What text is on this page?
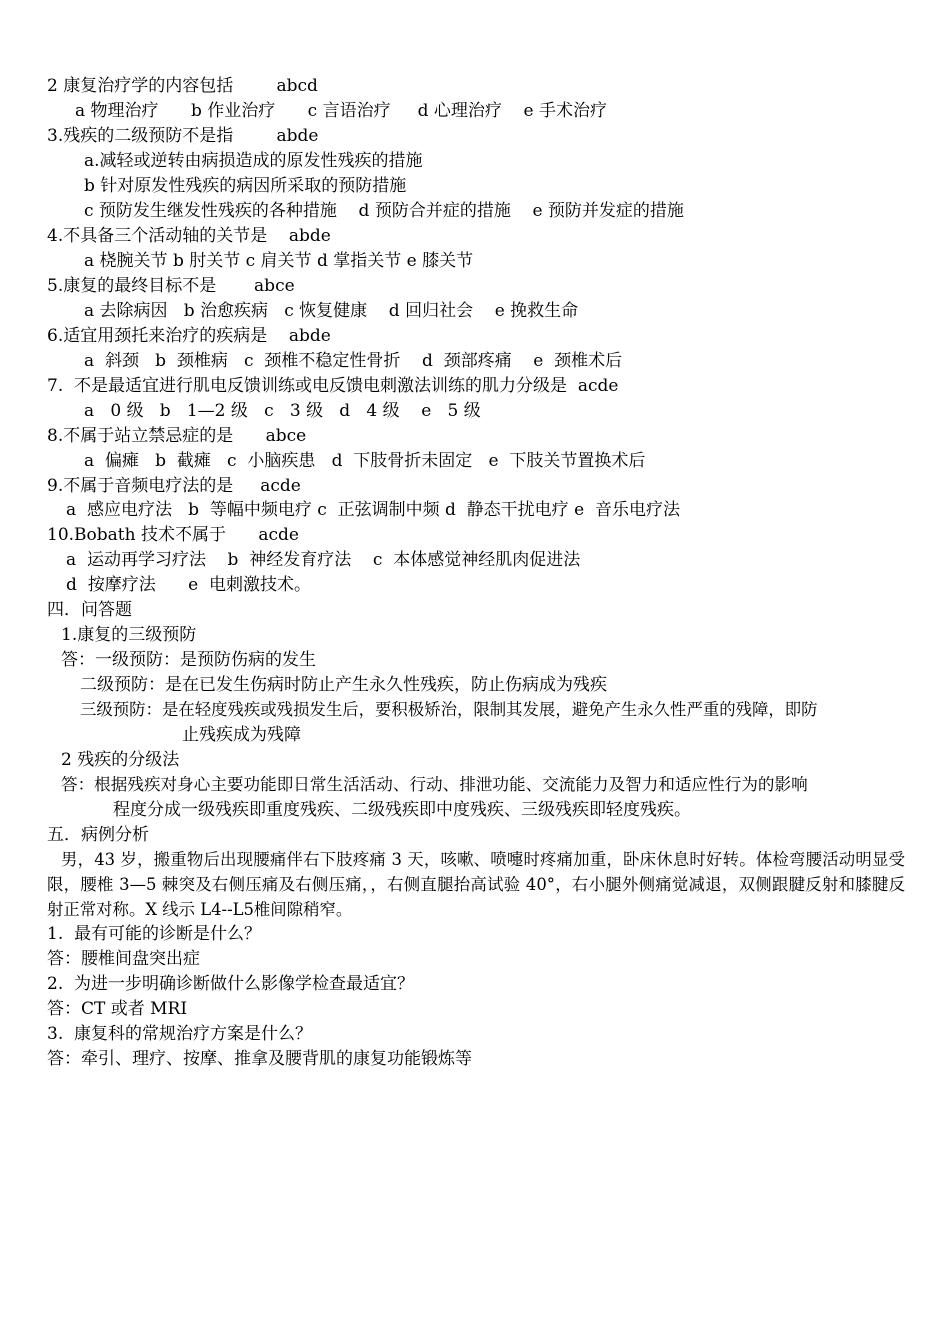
2 康复治疗学的内容包括        abcd
a 物理治疗      b 作业治疗      c 言语治疗     d 心理治疗    e 手术治疗
3.残疾的二级预防不是指        abde
a.减轻或逆转由病损造成的原发性残疾的措施
b 针对原发性残疾的病因所采取的预防措施
c 预防发生继发性残疾的各种措施    d 预防合并症的措施    e 预防并发症的措施
4.不具备三个活动轴的关节是    abde
a 桡腕关节 b 肘关节 c 肩关节 d 掌指关节 e 膝关节
5.康复的最终目标不是       abce
a 去除病因   b 治愈疾病   c 恢复健康    d 回归社会    e 挽救生命
6.适宜用颈托来治疗的疾病是    abde
a  斜颈   b  颈椎病   c  颈椎不稳定性骨折    d  颈部疼痛    e  颈椎术后
7.  不是最适宜进行肌电反馈训练或电反馈电刺激法训练的肌力分级是  acde
a   0 级   b   1—2 级   c   3 级   d   4 级    e   5 级
8.不属于站立禁忌症的是      abce
a  偏瘫   b  截瘫   c  小脑疾患   d  下肢骨折未固定   e  下肢关节置换术后
9.不属于音频电疗法的是     acde
a  感应电疗法   b  等幅中频电疗 c  正弦调制中频 d  静态干扰电疗 e  音乐电疗法
10.Bobath 技术不属于      acde
a  运动再学习疗法    b  神经发育疗法    c  本体感觉神经肌肉促进法
d  按摩疗法      e  电刺激技术。
四．问答题
1.康复的三级预防
答：一级预防：是预防伤病的发生
二级预防：是在已发生伤病时防止产生永久性残疾，防止伤病成为残疾
三级预防：是在轻度残疾或残损发生后，要积极矫治，限制其发展，避免产生永久性严重的残障，即防
止残疾成为残障
2 残疾的分级法
答：根据残疾对身心主要功能即日常生活活动、行动、排泄功能、交流能力及智力和适应性行为的影响
程度分成一级残疾即重度残疾、二级残疾即中度残疾、三级残疾即轻度残疾。
五．病例分析
男，43 岁，搬重物后出现腰痛伴右下肢疼痛 3 天，咳嗽、喷嚏时疼痛加重，卧床休息时好转。体检弯腰活动明显受限，腰椎 3—5 棘突及右侧压痛及右侧压痛，，右侧直腿抬高试验 40°，右小腿外侧痛觉减退，双侧跟腱反射和膝腱反射正常对称。X 线示 L4--L5椎间隙稍窄。
1.  最有可能的诊断是什么？
答：腰椎间盘突出症
2.  为进一步明确诊断做什么影像学检查最适宜？
答：CT 或者 MRI
3.  康复科的常规治疗方案是什么？
答：牵引、理疗、按摩、推拿及腰背肌的康复功能锻炼等
